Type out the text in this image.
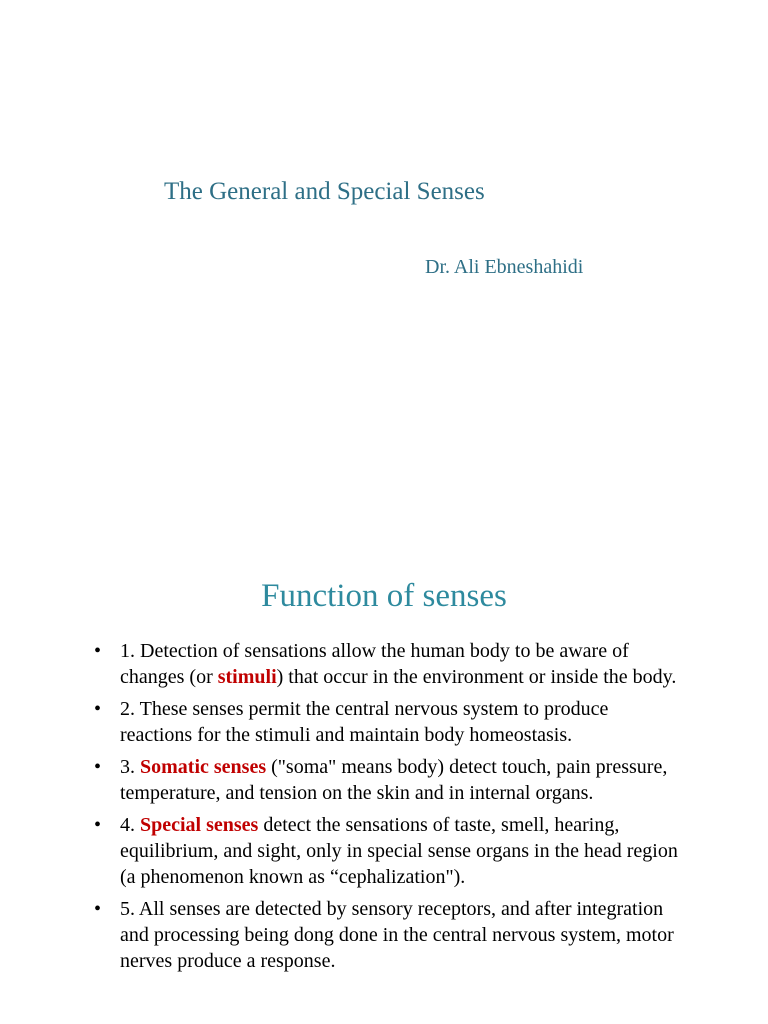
The General and Special Senses
Dr. Ali Ebneshahidi
Function of senses
• 1. Detection of sensations allow the human body to be aware of changes (or stimuli) that occur in the environment or inside the body.
• 2. These senses permit the central nervous system to produce reactions for the stimuli and maintain body homeostasis.
• 3. Somatic senses ("soma" means body) detect touch, pain pressure, temperature, and tension on the skin and in internal organs.
• 4. Special senses detect the sensations of taste, smell, hearing, equilibrium, and sight, only in special sense organs in the head region (a phenomenon known as “cephalization").
• 5. All senses are detected by sensory receptors, and after integration and processing being dong done in the central nervous system, motor nerves produce a response.
